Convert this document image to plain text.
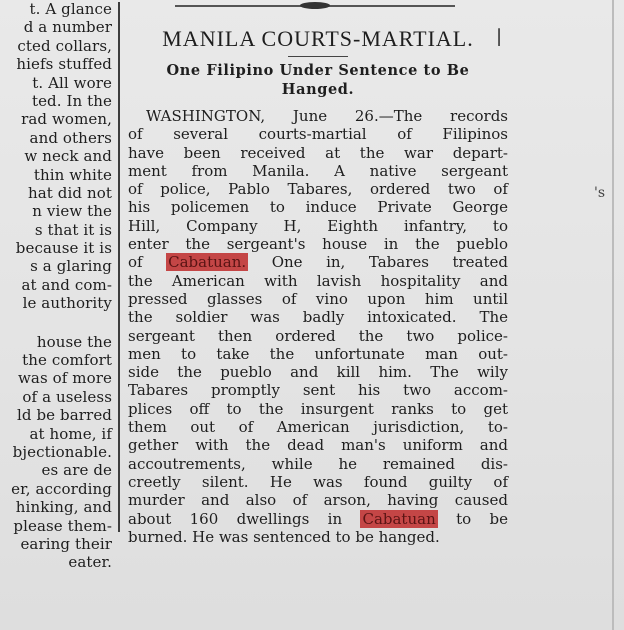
t. A glance
d a number
cted collars,
hiefs stuffed
t. All wore
ted. In the
rad women,
and others
w neck and
thin white
hat did not
n view the
s that it is
because it is
s a glaring
at and com-
le authority
house the
the comfort
was of more
of a useless
ld be barred
at home, if
bjectionable.
es are de
er, according
hinking, and
please them-
earing their
eater.
MANILA COURTS-MARTIAL.
One Filipino Under Sentence to Be
Hanged.
WASHINGTON, June 26.—The records
of several courts-martial of Filipinos
have been received at the war depart-
ment from Manila. A native sergeant
of police, Pablo Tabares, ordered two of
his policemen to induce Private George
Hill, Company H, Eighth infantry, to
enter the sergeant's house in the pueblo
of Cabatuan. One in, Tabares treated
the American with lavish hospitality and
pressed glasses of vino upon him until
the soldier was badly intoxicated. The
sergeant then ordered the two police-
men to take the unfortunate man out-
side the pueblo and kill him. The wily
Tabares promptly sent his two accom-
plices off to the insurgent ranks to get
them out of American jurisdiction, to-
gether with the dead man's uniform and
accoutrements, while he remained dis-
creetly silent. He was found guilty of
murder and also of arson, having caused
about 160 dwellings in Cabatuan to be
burned. He was sentenced to be hanged.
|
's
